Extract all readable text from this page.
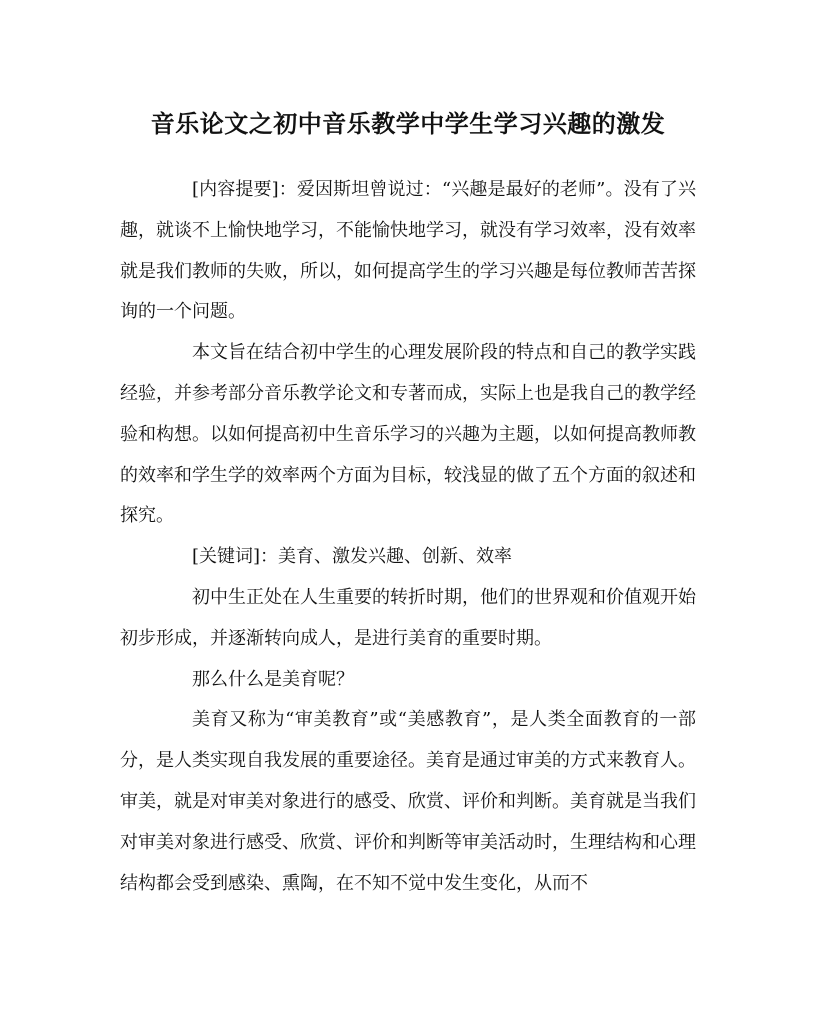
音乐论文之初中音乐教学中学生学习兴趣的激发

[内容提要]：爱因斯坦曾说过：“兴趣是最好的老师”。没有了兴趣，就谈不上愉快地学习，不能愉快地学习，就没有学习效率，没有效率就是我们教师的失败，所以，如何提高学生的学习兴趣是每位教师苦苦探询的一个问题。

本文旨在结合初中学生的心理发展阶段的特点和自己的教学实践经验，并参考部分音乐教学论文和专著而成，实际上也是我自己的教学经验和构想。以如何提高初中生音乐学习的兴趣为主题，以如何提高教师教的效率和学生学的效率两个方面为目标，较浅显的做了五个方面的叙述和探究。

[关键词]：美育、激发兴趣、创新、效率

初中生正处在人生重要的转折时期，他们的世界观和价值观开始初步形成，并逐渐转向成人，是进行美育的重要时期。

那么什么是美育呢？

美育又称为“审美教育”或“美感教育”，是人类全面教育的一部分，是人类实现自我发展的重要途径。美育是通过审美的方式来教育人。审美，就是对审美对象进行的感受、欣赏、评价和判断。美育就是当我们对审美对象进行感受、欣赏、评价和判断等审美活动时，生理结构和心理结构都会受到感染、熏陶，在不知不觉中发生变化，从而不
